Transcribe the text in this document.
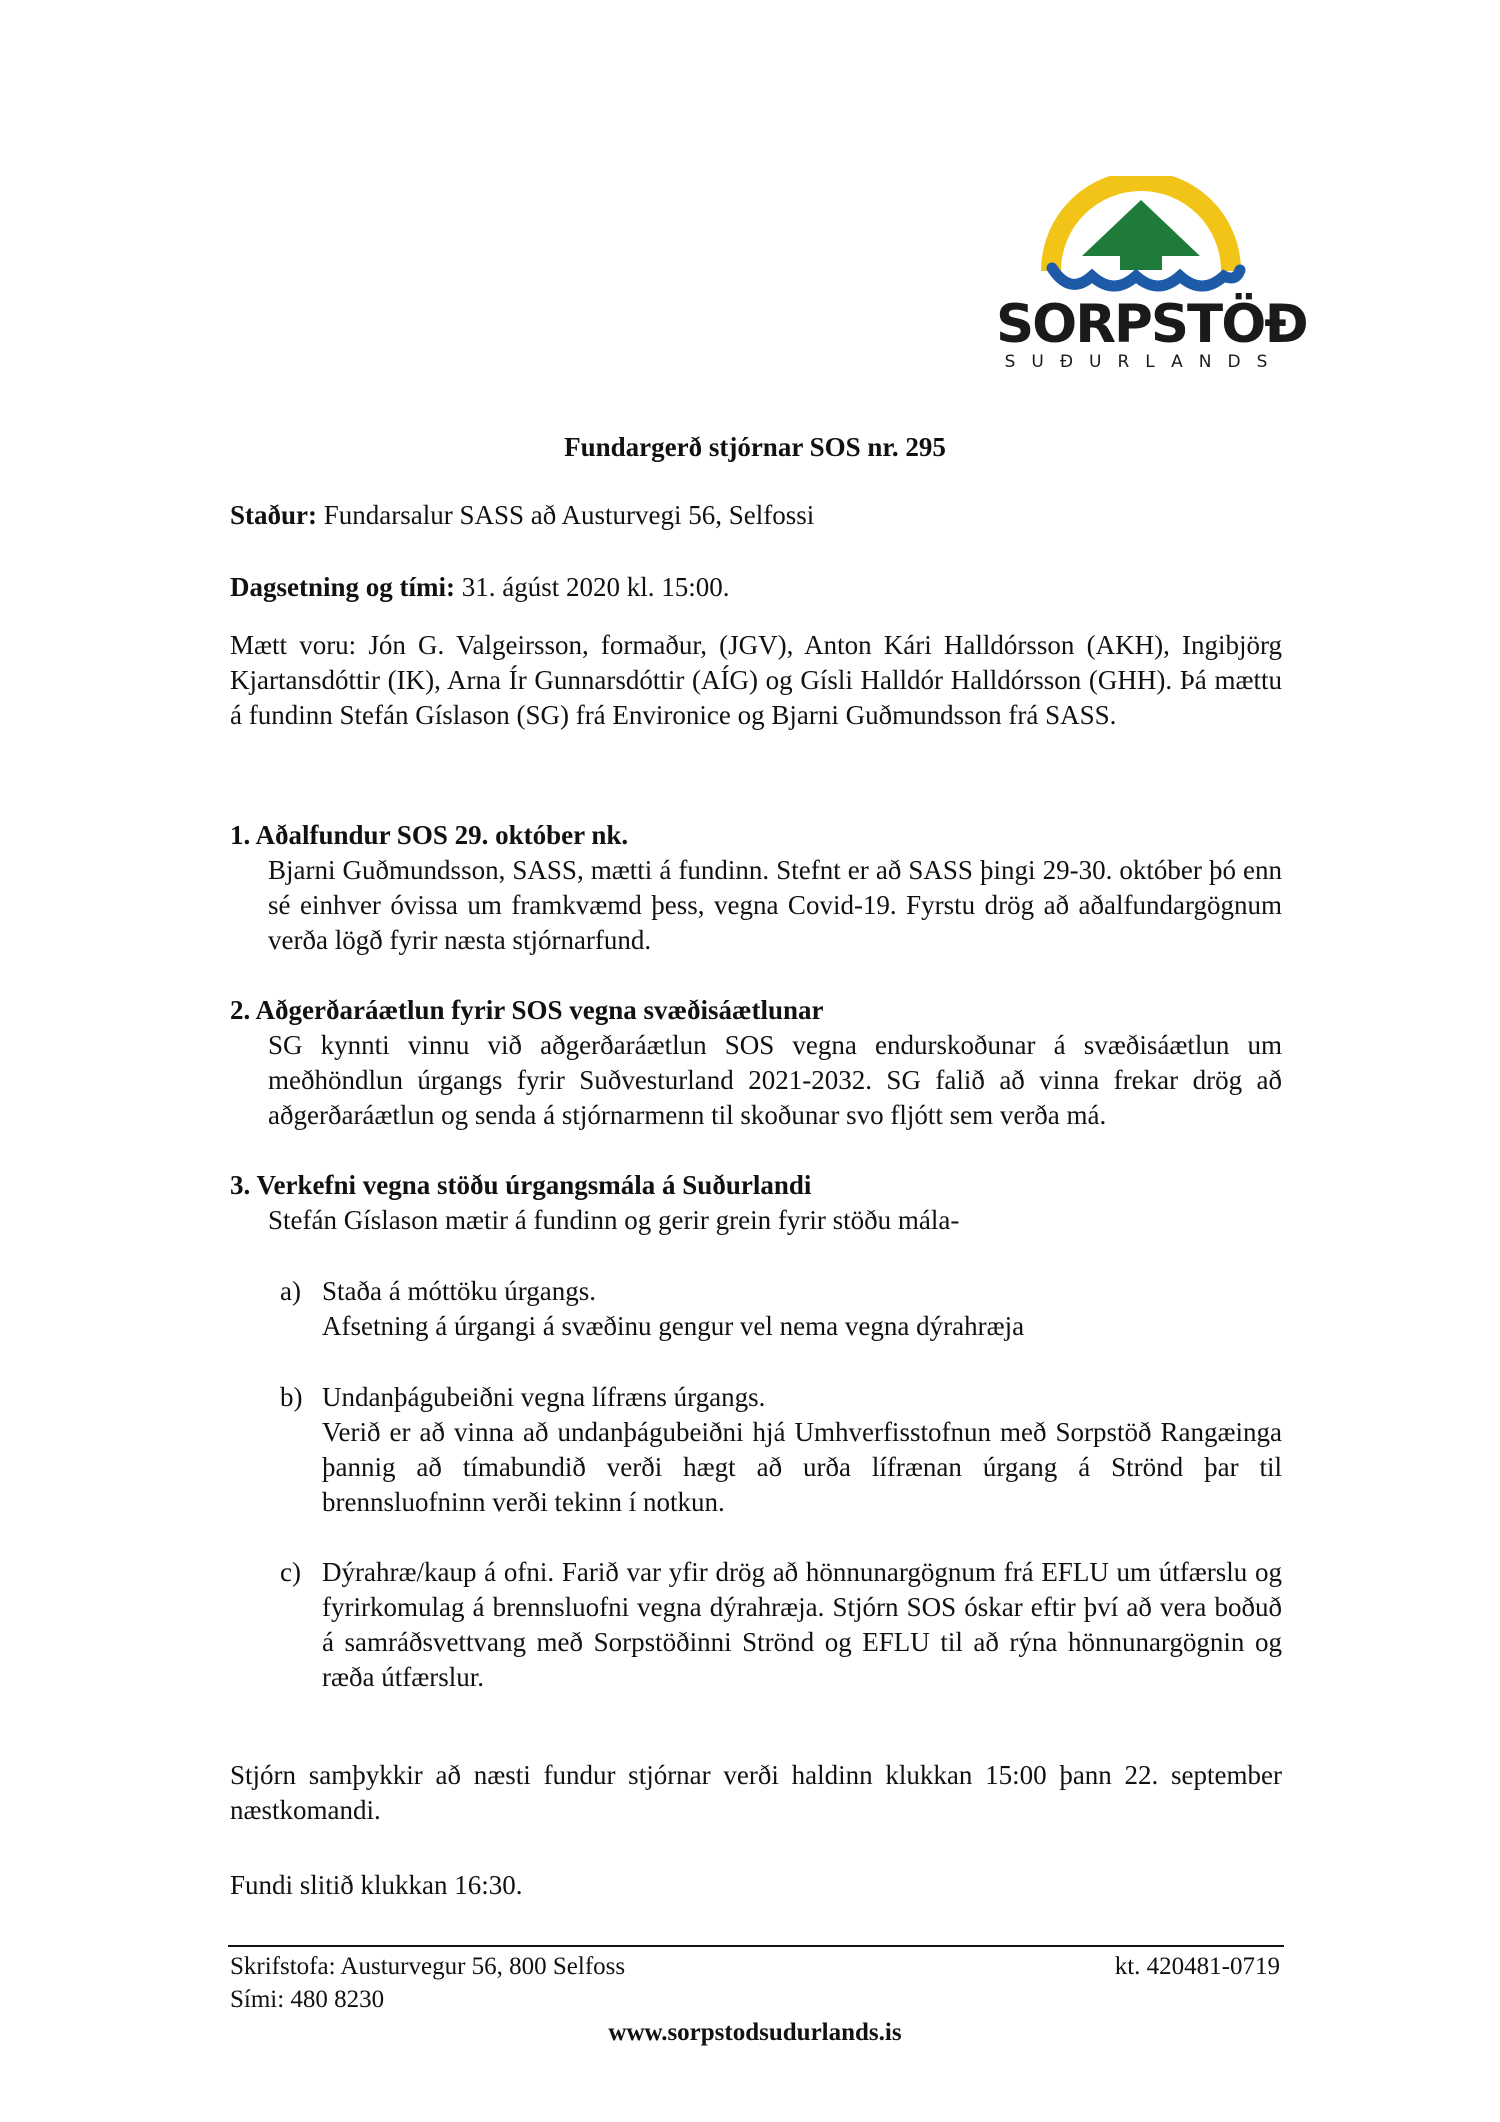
SORPSTÖÐ
SUÐURLANDS
Fundargerð stjórnar SOS nr. 295
Staður: Fundarsalur SASS að Austurvegi 56, Selfossi
Dagsetning og tími: 31. ágúst 2020 kl. 15:00.
Mætt voru: Jón G. Valgeirsson, formaður, (JGV), Anton Kári Halldórsson (AKH), Ingibjörg Kjartansdóttir (IK), Arna Ír Gunnarsdóttir (AÍG) og Gísli Halldór Halldórsson (GHH). Þá mættu á fundinn Stefán Gíslason (SG) frá Environice og Bjarni Guðmundsson frá SASS.
1. Aðalfundur SOS 29. október nk.
Bjarni Guðmundsson, SASS, mætti á fundinn. Stefnt er að SASS þingi 29-30. október þó enn sé einhver óvissa um framkvæmd þess, vegna Covid-19. Fyrstu drög að aðalfundargögnum verða lögð fyrir næsta stjórnarfund.
2. Aðgerðaráætlun fyrir SOS vegna svæðisáætlunar
SG kynnti vinnu við aðgerðaráætlun SOS vegna endurskoðunar á svæðisáætlun um meðhöndlun úrgangs fyrir Suðvesturland 2021-2032. SG falið að vinna frekar drög að aðgerðaráætlun og senda á stjórnarmenn til skoðunar svo fljótt sem verða má.
3. Verkefni vegna stöðu úrgangsmála á Suðurlandi
Stefán Gíslason mætir á fundinn og gerir grein fyrir stöðu mála-
a) Staða á móttöku úrgangs.
Afsetning á úrgangi á svæðinu gengur vel nema vegna dýrahræja
b) Undanþágubeiðni vegna lífræns úrgangs.
Verið er að vinna að undanþágubeiðni hjá Umhverfisstofnun með Sorpstöð Rangæinga þannig að tímabundið verði hægt að urða lífrænan úrgang á Strönd þar til brennsluofninn verði tekinn í notkun.
c) Dýrahræ/kaup á ofni. Farið var yfir drög að hönnunargögnum frá EFLU um útfærslu og fyrirkomulag á brennsluofni vegna dýrahræja. Stjórn SOS óskar eftir því að vera boðuð á samráðsvettvang með Sorpstöðinni Strönd og EFLU til að rýna hönnunargögnin og ræða útfærslur.
Stjórn samþykkir að næsti fundur stjórnar verði haldinn klukkan 15:00 þann 22. september næstkomandi.
Fundi slitið klukkan 16:30.
Skrifstofa: Austurvegur 56, 800 Selfoss
Sími: 480 8230
kt. 420481-0719
www.sorpstodsudurlands.is
